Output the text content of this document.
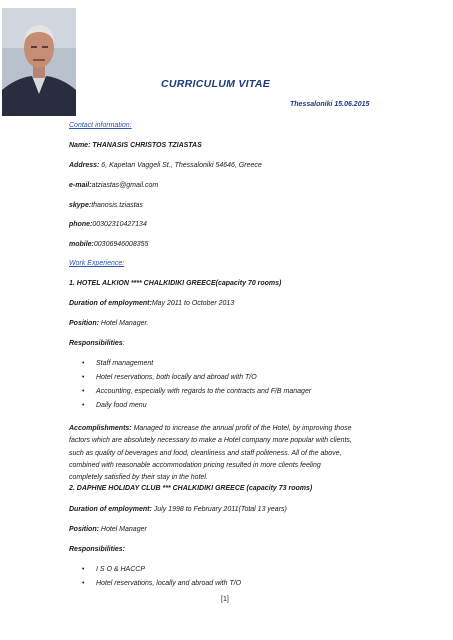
CURRICULUM VITAE
Thessaloniki 15.06.2015
Contact information:
Name: THANASIS CHRISTOS TZIASTAS
Address: 6, Kapetan Vaggeli St., Thessaloniki 54646, Greece
e-mail:atziastas@gmail.com
skype:thanosis.tziastas
phone:00302310427134
mobile:00306946008355
Work Experience:
1. HOTEL ALKION **** CHALKIDIKI GREECE(capacity 70 rooms)
Duration of employment:May 2011 to October 2013
Position: Hotel Manager.
Responsibilities:
• Staff management
• Hotel reservations, both locally and abroad with T/O
• Accounting, especially with regards to the contracts and F/B manager
• Daily food menu
Accomplishments: Managed to increase the annual profit of the Hotel, by improving those
factors which are absolutely necessary to make a Hotel company more popular with clients,
such as quality of beverages and food, cleanliness and staff politeness. All of the above,
combined with reasonable accommodation pricing resulted in more clients feeling
completely satisfied by their stay in the hotel.
2. DAPHNE HOLIDAY CLUB *** CHALKIDIKI GREECE (capacity 73 rooms)
Duration of employment: July 1998 to February 2011(Total 13 years)
Position: Hotel Manager
Responsibilities:
• I S O & HACCP
• Hotel reservations, locally and abroad with T/O
[1]
